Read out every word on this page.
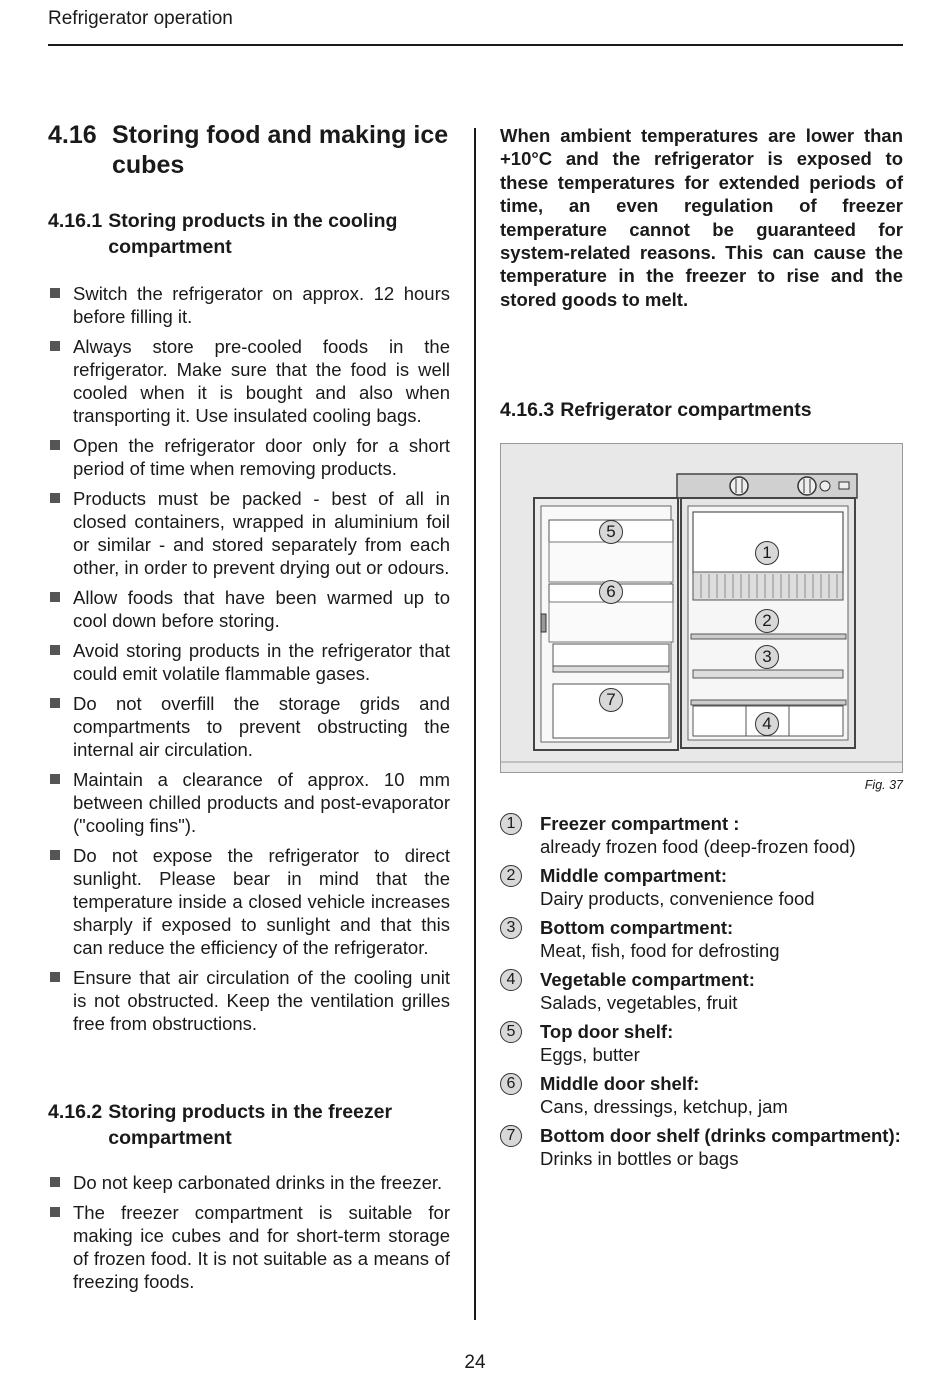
Refrigerator operation
4.16 Storing food and making ice cubes
4.16.1 Storing products in the cooling compartment
Switch the refrigerator on approx. 12 hours before filling it.
Always store pre-cooled foods in the refrigerator. Make sure that the food is well cooled when it is bought and also when transporting it. Use insulated cooling bags.
Open the refrigerator door only for a short period of time when removing products.
Products must be packed - best of all in closed containers, wrapped in aluminium foil or similar - and stored separately from each other, in order to prevent drying out or odours.
Allow foods that have been warmed up to cool down before storing.
Avoid storing products in the refrigerator that could emit volatile flammable gases.
Do not overfill the storage grids and compartments to prevent obstructing the internal air circulation.
Maintain a clearance of approx. 10 mm between chilled products and post-evaporator ("cooling fins").
Do not expose the refrigerator to direct sunlight. Please bear in mind that the temperature inside a closed vehicle increases sharply if exposed to sunlight and that this can reduce the efficiency of the refrigerator.
Ensure that air circulation of the cooling unit is not obstructed. Keep the ventilation grilles free from obstructions.
4.16.2 Storing products in the freezer compartment
Do not keep carbonated drinks in the freezer.
The freezer compartment is suitable for making ice cubes and for short-term storage of frozen food. It is not suitable as a means of freezing foods.

When ambient temperatures are lower than +10°C and the refrigerator is exposed to these temperatures for extended periods of time, an even regulation of freezer temperature cannot be guaranteed for system-related reasons. This can cause the temperature in the freezer to rise and the stored goods to melt.

4.16.3 Refrigerator compartments
1
2
3
4
5
6
7
Fig. 37
1	Freezer compartment :
already frozen food (deep-frozen food)
2	Middle compartment:
Dairy products, convenience food
3	Bottom compartment:
Meat, fish, food for defrosting
4	Vegetable compartment:
Salads, vegetables, fruit
5	Top door shelf:
Eggs, butter
6	Middle door shelf:
Cans, dressings, ketchup, jam
7	Bottom door shelf (drinks compartment):
Drinks in bottles or bags
24
